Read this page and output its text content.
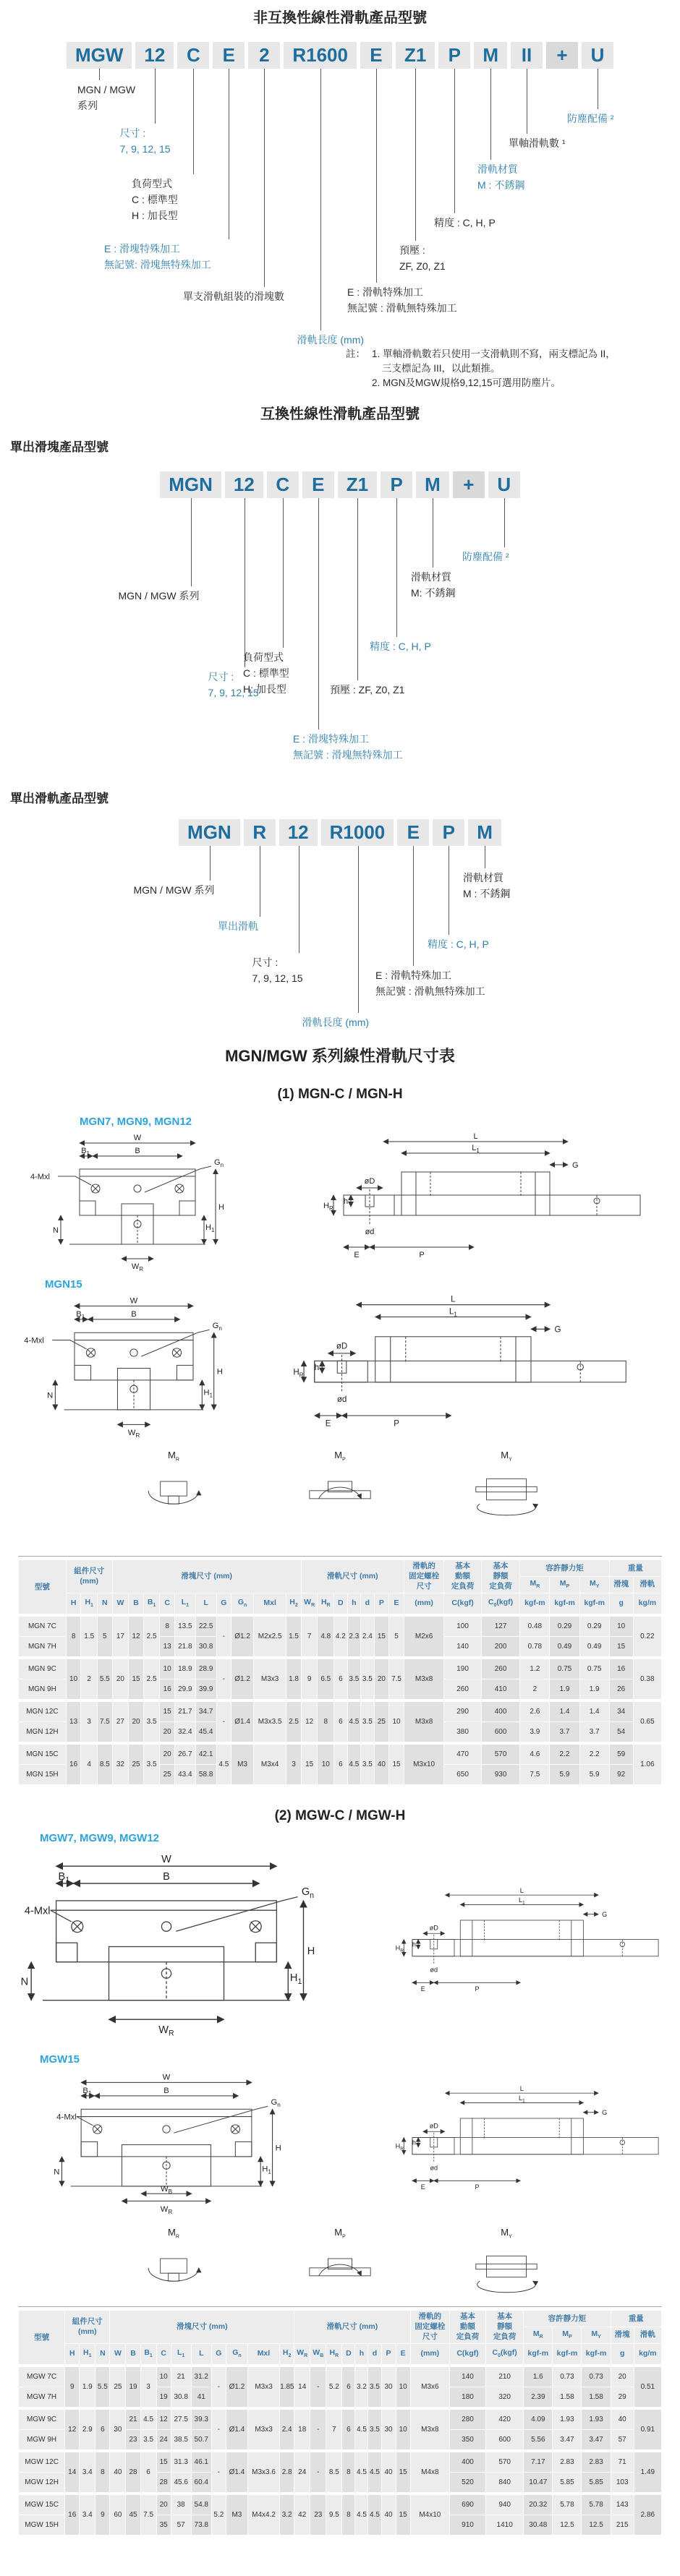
非互換性線性滑軌產品型號
MGW	12	C	E	2	R1600	E	Z1	P	M	II	+	U
MGN / MGW
系列
尺寸 :
7, 9, 12, 15
負荷型式
C : 標準型
H : 加長型
E : 滑塊特殊加工
無記號: 滑塊無特殊加工
單支滑軌組裝的滑塊數
滑軌長度 (mm)
E : 滑軌特殊加工
無記號 : 滑軌無特殊加工
預壓 :
ZF, Z0, Z1
精度 : C, H, P
滑軌材質
M : 不銹鋼
單軸滑軌數 ¹
防塵配備 ²
註： 1. 單軸滑軌數若只使用一支滑軌則不寫，兩支標記為 II，
三支標記為 III，以此類推。
2. MGN及MGW規格9,12,15可選用防塵片。
互換性線性滑軌產品型號
單出滑塊產品型號
MGN	12	C	E	Z1	P	M	+	U
MGN / MGW 系列
尺寸 :
7, 9, 12, 15
負荷型式
C : 標準型
H: 加長型
E : 滑塊特殊加工
無記號 : 滑塊無特殊加工
預壓 : ZF, Z0, Z1
精度 : C, H, P
滑軌材質
M: 不銹鋼
防塵配備 ²
單出滑軌產品型號
MGN	R	12	R1000	E	P	M
MGN / MGW 系列
單出滑軌
尺寸 :
7, 9, 12, 15
滑軌長度 (mm)
E : 滑軌特殊加工
無記號 : 滑軌無特殊加工
精度 : C, H, P
滑軌材質
M : 不銹鋼
MGN/MGW 系列線性滑軌尺寸表
(1) MGN-C / MGN-H
MGN7, MGN9, MGN12
W
B
$B_1$
4-Mxl
$G_n$
H
$H_1$
N
$W_R$
L
$L_1$
G
øD
ød
$H_R$
h
E	P
MGN15
W
B
$B_1$
4-Mxl
$G_n$
H
$H_1$
N
$W_R$
L
$L_1$
G
øD
ød
$H_R$
h
E	P
$M_R$	$M_P$	$M_Y$
型號	組件尺寸
(mm)			滑塊尺寸 (mm)										滑軌尺寸 (mm)							滑軌的
固定螺栓
尺寸	基本
動額
定負荷	基本
靜額
定負荷	容許靜力矩			重量	
																								$M_R$	$M_P$	$M_Y$	滑塊	滑軌
	H	$H_1$	N	W	B	$B_1$	C	$L_1$	L	G	$G_n$	Mxl	$H_2$	$W_R$	$H_R$	D	h	d	P	E	(mm)	C(kgf)	$C_0(kgf)$	kgf-m	kgf-m	kgf-m	g	kg/m
MGN 7C	8	1.5	5	17	12	2.5	8	13.5	22.5	-	Ø1.2	M2x2.5	1.5	7	4.8	4.2	2.3	2.4	15	5	M2x6	100	127	0.48	0.29	0.29	10	0.22
MGN 7H							13	21.8	30.8													140	200	0.78	0.49	0.49	15	
MGN 9C	10	2	5.5	20	15	2.5	10	18.9	28.9	-	Ø1.2	M3x3	1.8	9	6.5	6	3.5	3.5	20	7.5	M3x8	190	260	1.2	0.75	0.75	16	0.38
MGN 9H							16	29.9	39.9													260	410	2	1.9	1.9	26	
MGN 12C	13	3	7.5	27	20	3.5	15	21.7	34.7	-	Ø1.4	M3x3.5	2.5	12	8	6	4.5	3.5	25	10	M3x8	290	400	2.6	1.4	1.4	34	0.65
MGN 12H							20	32.4	45.4													380	600	3.9	3.7	3.7	54	
MGN 15C	16	4	8.5	32	25	3.5	20	26.7	42.1	4.5	M3	M3x4	3	15	10	6	4.5	3.5	40	15	M3x10	470	570	4.6	2.2	2.2	59	1.06
MGN 15H							25	43.4	58.8													650	930	7.5	5.9	5.9	92	
(2) MGW-C / MGW-H
MGW7, MGW9, MGW12
W
B
$B_1$
4-Mxl
$G_n$
H
$H_1$
N
$W_R$
L
$L_1$
G
øD
ød
$H_R$
h
E	P
MGW15
W
B
$B_1$
4-Mxl
$G_n$
H
$H_1$
N
$W_R$
$W_B$
L
$L_1$
G
øD
ød
$H_R$
h
E	P
$M_R$	$M_P$	$M_Y$
型號	組件尺寸
(mm)			滑塊尺寸 (mm)										滑軌尺寸 (mm)								滑軌的
固定螺栓
尺寸	基本
動額
定負荷	基本
靜額
定負荷	容許靜力矩			重量	
																									$M_R$	$M_P$	$M_Y$	滑塊	滑軌
	H	$H_1$	N	W	B	$B_1$	C	$L_1$	L	G	$G_n$	Mxl	$H_2$	$W_R$	$W_B$	$H_R$	D	h	d	P	E	(mm)	C(kgf)	$C_0(kgf)$	kgf-m	kgf-m	kgf-m	g	kg/m
MGW 7C	9	1.9	5.5	25	19	3	10	21	31.2	-	Ø1.2	M3x3	1.85	14	-	5.2	6	3.2	3.5	30	10	M3x6	140	210	1.6	0.73	0.73	20	0.51
MGW 7H							19	30.8	41														180	320	2.39	1.58	1.58	29	
MGW 9C	12	2.9	6	30	21	4.5	12	27.5	39.3	-	Ø1.4	M3x3	2.4	18	-	7	6	4.5	3.5	30	10	M3x8	280	420	4.09	1.93	1.93	40	0.91
MGW 9H					23	3.5	24	38.5	50.7														350	600	5.56	3.47	3.47	57	
MGW 12C	14	3.4	8	40	28	6	15	31.3	46.1	-	Ø1.4	M3x3.6	2.8	24	-	8.5	8	4.5	4.5	40	15	M4x8	400	570	7.17	2.83	2.83	71	1.49
MGW 12H							28	45.6	60.4														520	840	10.47	5.85	5.85	103	
MGW 15C	16	3.4	9	60	45	7.5	20	38	54.8	5.2	M3	M4x4.2	3.2	42	23	9.5	8	4.5	4.5	40	15	M4x10	690	940	20.32	5.78	5.78	143	2.86
MGW 15H							35	57	73.8														910	1410	30.48	12.5	12.5	215	
